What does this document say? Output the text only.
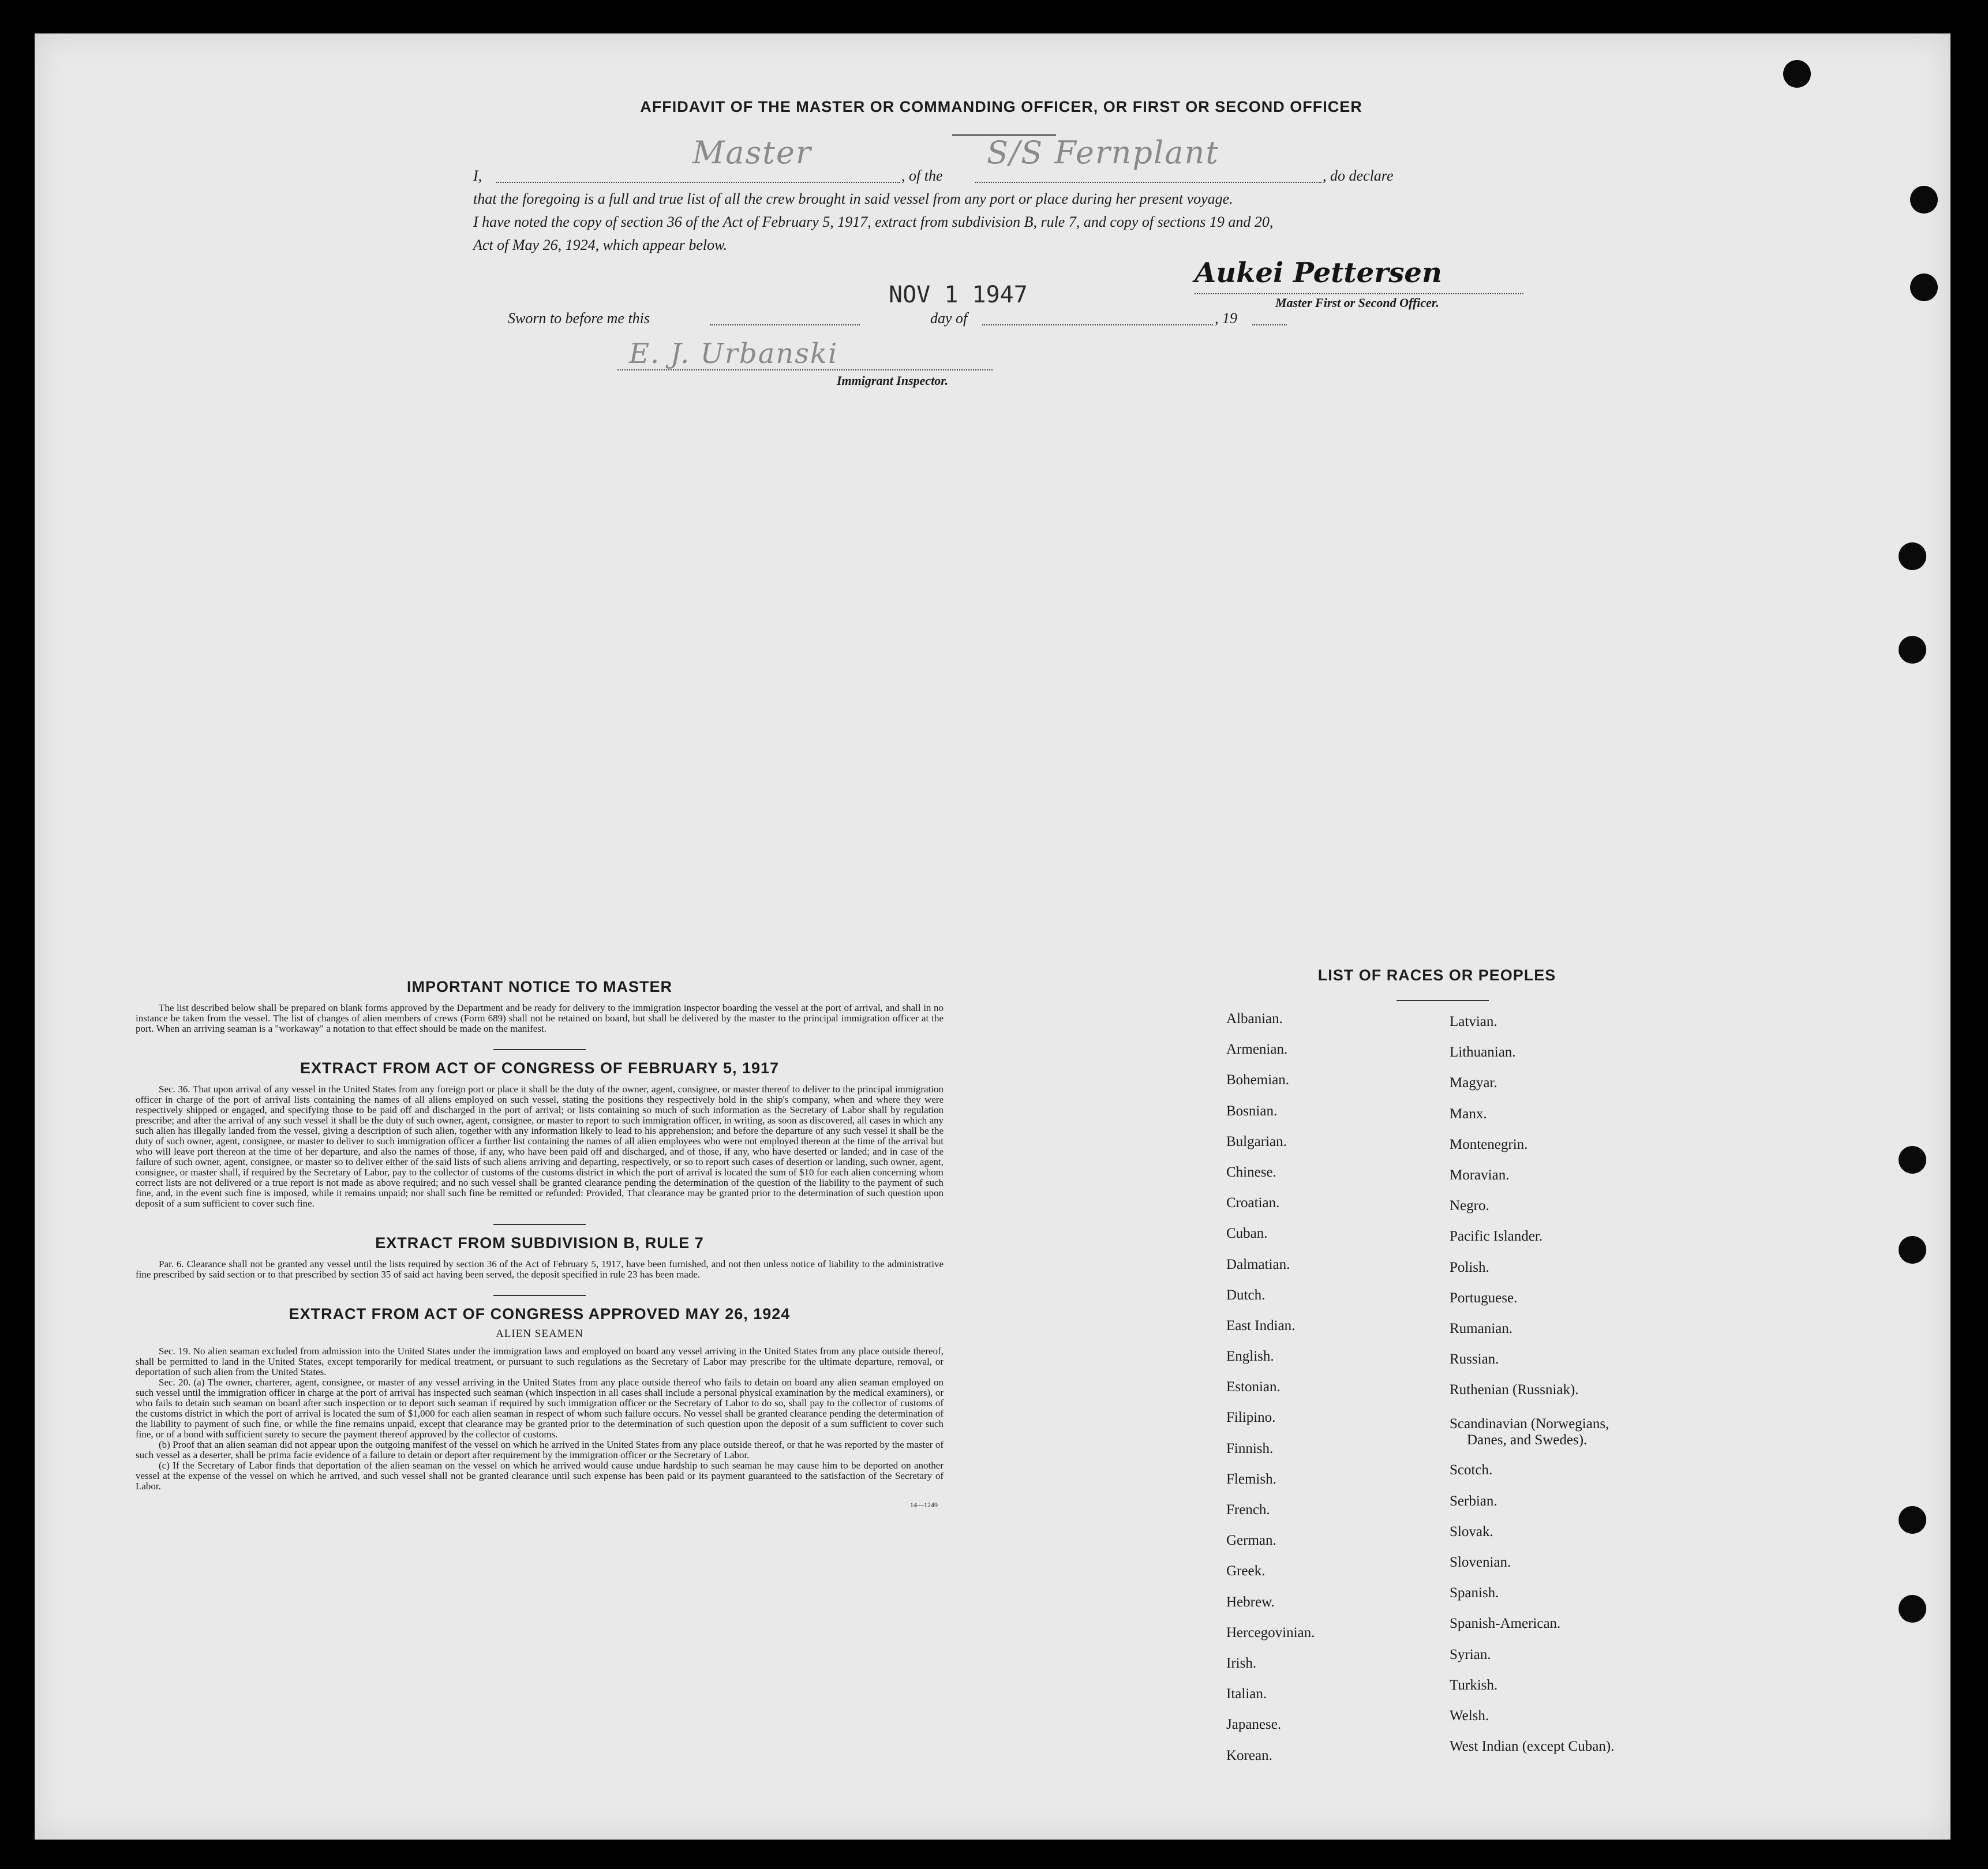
AFFIDAVIT OF THE MASTER OR COMMANDING OFFICER, OR FIRST OR SECOND OFFICER
I,
Master
, of the
S/S Fernplant
, do declare
that the foregoing is a full and true list of all the crew brought in said vessel from any port or place during her present voyage.
I have noted the copy of section 36 of the Act of February 5, 1917, extract from subdivision B, rule 7, and copy of sections 19 and 20,
Act of May 26, 1924, which appear below.
Aukei Pettersen
Master First or Second Officer.
NOV 1 1947
Sworn to before me this	day of	, 19
E. J. Urbanski
Immigrant Inspector.
IMPORTANT NOTICE TO MASTER

The list described below shall be prepared on blank forms approved by the Department and be ready for delivery to the immigration inspector boarding the vessel at the port of arrival, and shall in no instance be taken from the vessel. The list of changes of alien members of crews (Form 689) shall not be retained on board, but shall be delivered by the master to the principal immigration officer at the port. When an arriving seaman is a "workaway" a notation to that effect should be made on the manifest.

EXTRACT FROM ACT OF CONGRESS OF FEBRUARY 5, 1917

Sec. 36. That upon arrival of any vessel in the United States from any foreign port or place it shall be the duty of the owner, agent, consignee, or master thereof to deliver to the principal immigration officer in charge of the port of arrival lists containing the names of all aliens employed on such vessel, stating the positions they respectively hold in the ship's company, when and where they were respectively shipped or engaged, and specifying those to be paid off and discharged in the port of arrival; or lists containing so much of such information as the Secretary of Labor shall by regulation prescribe; and after the arrival of any such vessel it shall be the duty of such owner, agent, consignee, or master to report to such immigration officer, in writing, as soon as discovered, all cases in which any such alien has illegally landed from the vessel, giving a description of such alien, together with any information likely to lead to his apprehension; and before the departure of any such vessel it shall be the duty of such owner, agent, consignee, or master to deliver to such immigration officer a further list containing the names of all alien employees who were not employed thereon at the time of the arrival but who will leave port thereon at the time of her departure, and also the names of those, if any, who have been paid off and discharged, and of those, if any, who have deserted or landed; and in case of the failure of such owner, agent, consignee, or master so to deliver either of the said lists of such aliens arriving and departing, respectively, or so to report such cases of desertion or landing, such owner, agent, consignee, or master shall, if required by the Secretary of Labor, pay to the collector of customs of the customs district in which the port of arrival is located the sum of $10 for each alien concerning whom correct lists are not delivered or a true report is not made as above required; and no such vessel shall be granted clearance pending the determination of the question of the liability to the payment of such fine, and, in the event such fine is imposed, while it remains unpaid; nor shall such fine be remitted or refunded: Provided, That clearance may be granted prior to the determination of such question upon deposit of a sum sufficient to cover such fine.

EXTRACT FROM SUBDIVISION B, RULE 7

Par. 6. Clearance shall not be granted any vessel until the lists required by section 36 of the Act of February 5, 1917, have been furnished, and not then unless notice of liability to the administrative fine prescribed by said section or to that prescribed by section 35 of said act having been served, the deposit specified in rule 23 has been made.

EXTRACT FROM ACT OF CONGRESS APPROVED MAY 26, 1924
ALIEN SEAMEN

Sec. 19. No alien seaman excluded from admission into the United States under the immigration laws and employed on board any vessel arriving in the United States from any place outside thereof, shall be permitted to land in the United States, except temporarily for medical treatment, or pursuant to such regulations as the Secretary of Labor may prescribe for the ultimate departure, removal, or deportation of such alien from the United States.

Sec. 20. (a) The owner, charterer, agent, consignee, or master of any vessel arriving in the United States from any place outside thereof who fails to detain on board any alien seaman employed on such vessel until the immigration officer in charge at the port of arrival has inspected such seaman (which inspection in all cases shall include a personal physical examination by the medical examiners), or who fails to detain such seaman on board after such inspection or to deport such seaman if required by such immigration officer or the Secretary of Labor to do so, shall pay to the collector of customs of the customs district in which the port of arrival is located the sum of $1,000 for each alien seaman in respect of whom such failure occurs. No vessel shall be granted clearance pending the determination of the liability to payment of such fine, or while the fine remains unpaid, except that clearance may be granted prior to the determination of such question upon the deposit of a sum sufficient to cover such fine, or of a bond with sufficient surety to secure the payment thereof approved by the collector of customs.

(b) Proof that an alien seaman did not appear upon the outgoing manifest of the vessel on which he arrived in the United States from any place outside thereof, or that he was reported by the master of such vessel as a deserter, shall be prima facie evidence of a failure to detain or deport after requirement by the immigration officer or the Secretary of Labor.

(c) If the Secretary of Labor finds that deportation of the alien seaman on the vessel on which he arrived would cause undue hardship to such seaman he may cause him to be deported on another vessel at the expense of the vessel on which he arrived, and such vessel shall not be granted clearance until such expense has been paid or its payment guaranteed to the satisfaction of the Secretary of Labor.

14—1249
LIST OF RACES OR PEOPLES
Albanian.
Armenian.
Bohemian.
Bosnian.
Bulgarian.
Chinese.
Croatian.
Cuban.
Dalmatian.
Dutch.
East Indian.
English.
Estonian.
Filipino.
Finnish.
Flemish.
French.
German.
Greek.
Hebrew.
Hercegovinian.
Irish.
Italian.
Japanese.
Korean.
Latvian.
Lithuanian.
Magyar.
Manx.
Montenegrin.
Moravian.
Negro.
Pacific Islander.
Polish.
Portuguese.
Rumanian.
Russian.
Ruthenian (Russniak).
Scandinavian (Norwegians,
Danes, and Swedes).
Scotch.
Serbian.
Slovak.
Slovenian.
Spanish.
Spanish-American.
Syrian.
Turkish.
Welsh.
West Indian (except Cuban).
